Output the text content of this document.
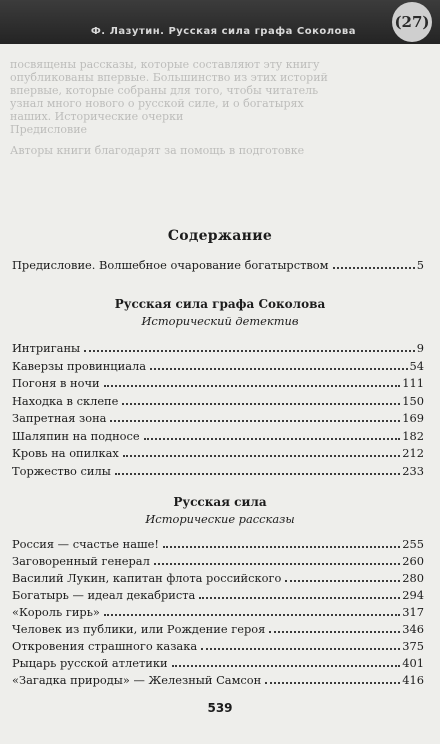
Ф. Лазутин. Русская сила графа Соколова
(27)
посвящены рассказы, которые составляют эту книгу
опубликованы впервые. Большинство из этих историй
впервые, которые собраны для того, чтобы читатель
узнал много нового о русской силе, и о богатырях
наших. Исторические очерки
Предисловие
Авторы книги благодарят за помощь в подготовке
Содержание
Предисловие. Волшебное очарование богатырством	5
Русская сила графа Соколова
Исторический детектив
Интриганы	9
Каверзы провинциала	54
Погоня в ночи	111
Находка в склепе	150
Запретная зона	169
Шаляпин на подносе	182
Кровь на опилках	212
Торжество силы	233
Русская сила
Исторические рассказы
Россия — счастье наше!	255
Заговоренный генерал	260
Василий Лукин, капитан флота российского	280
Богатырь — идеал декабриста	294
«Король гирь»	317
Человек из публики, или Рождение героя	346
Откровения страшного казака	375
Рыцарь русской атлетики	401
«Загадка природы» — Железный Самсон	416
539
